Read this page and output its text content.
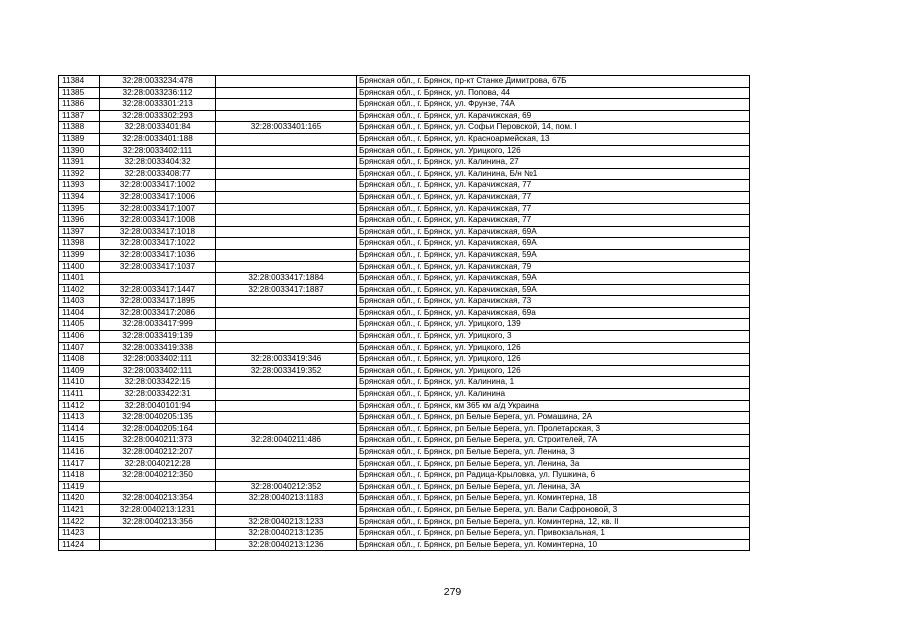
11384	32:28:0033234:478		Брянская обл., г. Брянск, пр-кт Станке Димитрова, 67Б
11385	32:28:0033236:112		Брянская обл., г. Брянск, ул. Попова, 44
11386	32:28:0033301:213		Брянская обл., г. Брянск, ул. Фрунзе, 74А
11387	32:28:0033302:293		Брянская обл., г. Брянск, ул. Карачижская, 69
11388	32:28:0033401:84	32:28:0033401:165	Брянская обл., г. Брянск, ул. Софьи Перовской, 14, пом. I
11389	32:28:0033401:188		Брянская обл., г. Брянск, ул. Красноармейская, 13
11390	32:28:0033402:111		Брянская обл., г. Брянск, ул. Урицкого, 126
11391	32:28:0033404:32		Брянская обл., г. Брянск, ул. Калинина, 27
11392	32:28:0033408:77		Брянская обл., г. Брянск, ул. Калинина, Б/н №1
11393	32:28:0033417:1002		Брянская обл., г. Брянск, ул. Карачижская, 77
11394	32:28:0033417:1006		Брянская обл., г. Брянск, ул. Карачижская, 77
11395	32:28:0033417:1007		Брянская обл., г. Брянск, ул. Карачижская, 77
11396	32:28:0033417:1008		Брянская обл., г. Брянск, ул. Карачижская, 77
11397	32:28:0033417:1018		Брянская обл., г. Брянск, ул. Карачижская, 69А
11398	32:28:0033417:1022		Брянская обл., г. Брянск, ул. Карачижская, 69А
11399	32:28:0033417:1036		Брянская обл., г. Брянск, ул. Карачижская, 59А
11400	32:28:0033417:1037		Брянская обл., г. Брянск, ул. Карачижская, 79
11401		32:28:0033417:1884	Брянская обл., г. Брянск, ул. Карачижская, 59А
11402	32:28:0033417:1447	32:28:0033417:1887	Брянская обл., г. Брянск, ул. Карачижская, 59А
11403	32:28:0033417:1895		Брянская обл., г. Брянск, ул. Карачижская, 73
11404	32:28:0033417:2086		Брянская обл., г. Брянск, ул. Карачижская, 69а
11405	32:28:0033417:999		Брянская обл., г. Брянск, ул. Урицкого, 139
11406	32:28:0033419:139		Брянская обл., г. Брянск, ул. Урицкого, 3
11407	32:28:0033419:338		Брянская обл., г. Брянск, ул. Урицкого, 126
11408	32:28:0033402:111	32:28:0033419:346	Брянская обл., г. Брянск, ул. Урицкого, 126
11409	32:28:0033402:111	32:28:0033419:352	Брянская обл., г. Брянск, ул. Урицкого, 126
11410	32:28:0033422:15		Брянская обл., г. Брянск, ул. Калинина, 1
11411	32:28:0033422:31		Брянская обл., г. Брянск, ул. Калинина
11412	32:28:0040101:94		Брянская обл., г. Брянск, км 365 км а/д Украина
11413	32:28:0040205:135		Брянская обл., г. Брянск, рп Белые Берега, ул. Ромашина, 2А
11414	32:28:0040205:164		Брянская обл., г. Брянск, рп Белые Берега, ул. Пролетарская, 3
11415	32:28:0040211:373	32:28:0040211:486	Брянская обл., г. Брянск, рп Белые Берега, ул. Строителей, 7А
11416	32:28:0040212:207		Брянская обл., г. Брянск, рп Белые Берега, ул. Ленина, 3
11417	32:28:0040212:28		Брянская обл., г. Брянск, рп Белые Берега, ул. Ленина, 3а
11418	32:28:0040212:350		Брянская обл., г. Брянск, рп Радица-Крыловка, ул. Пушкина, 6
11419		32:28:0040212:352	Брянская обл., г. Брянск, рп Белые Берега, ул. Ленина, 3А
11420	32:28:0040213:354	32:28:0040213:1183	Брянская обл., г. Брянск, рп Белые Берега, ул. Коминтерна, 18
11421	32:28:0040213:1231		Брянская обл., г. Брянск, рп Белые Берега, ул. Вали Сафроновой, 3
11422	32:28:0040213:356	32:28:0040213:1233	Брянская обл., г. Брянск, рп Белые Берега, ул. Коминтерна, 12, кв. II
11423		32:28:0040213:1235	Брянская обл., г. Брянск, рп Белые Берега, ул. Привокзальная, 1
11424		32:28:0040213:1236	Брянская обл., г. Брянск, рп Белые Берега, ул. Коминтерна, 10
279
